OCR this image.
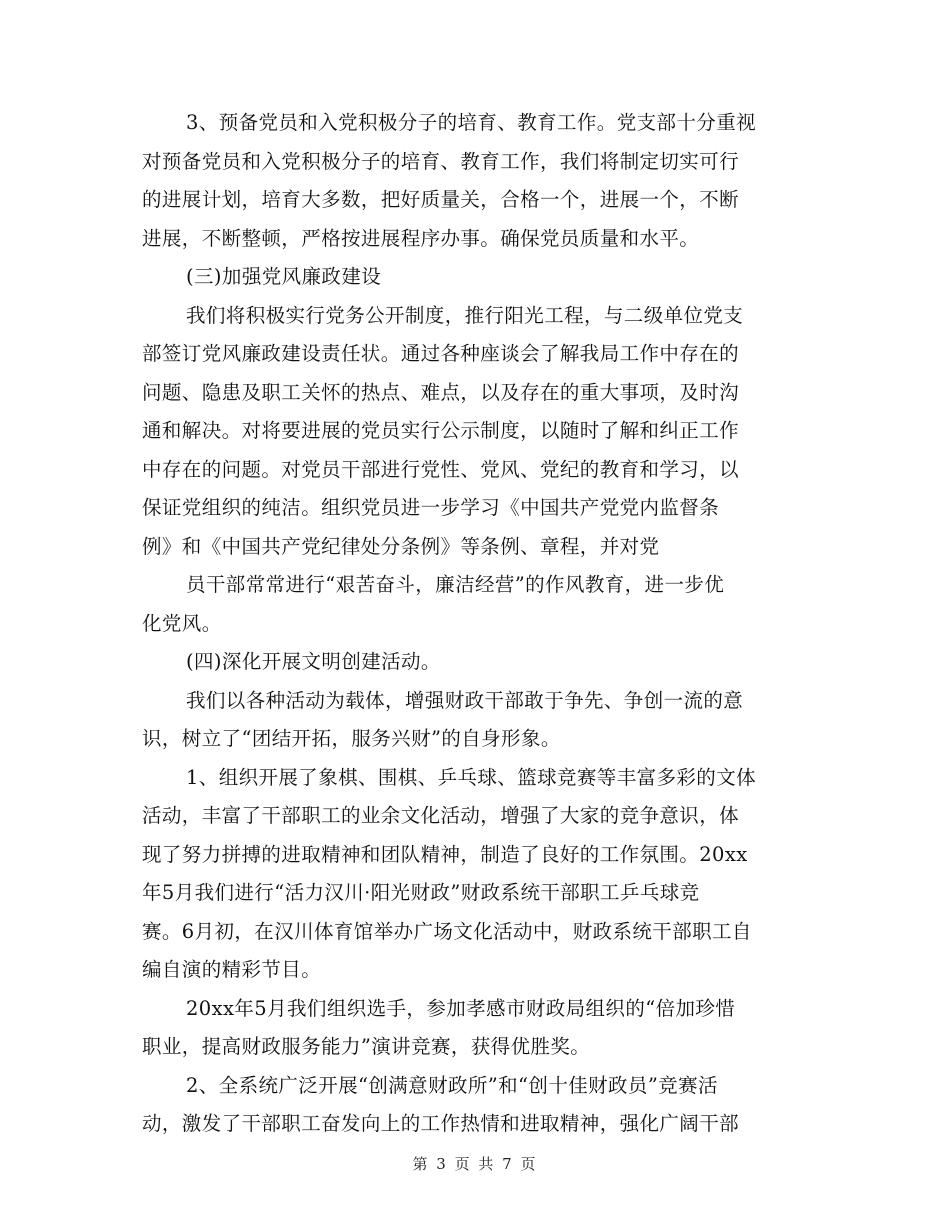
3、预备党员和入党积极分子的培育、教育工作。党支部十分重视
对预备党员和入党积极分子的培育、教育工作，我们将制定切实可行
的进展计划，培育大多数，把好质量关，合格一个，进展一个，不断
进展，不断整顿，严格按进展程序办事。确保党员质量和水平。
(三)加强党风廉政建设
我们将积极实行党务公开制度，推行阳光工程，与二级单位党支
部签订党风廉政建设责任状。通过各种座谈会了解我局工作中存在的
问题、隐患及职工关怀的热点、难点，以及存在的重大事项，及时沟
通和解决。对将要进展的党员实行公示制度，以随时了解和纠正工作
中存在的问题。对党员干部进行党性、党风、党纪的教育和学习，以
保证党组织的纯洁。组织党员进一步学习《中国共产党党内监督条
例》和《中国共产党纪律处分条例》等条例、章程，并对党
员干部常常进行“艰苦奋斗，廉洁经营”的作风教育，进一步优
化党风。
(四)深化开展文明创建活动。
我们以各种活动为载体，增强财政干部敢于争先、争创一流的意
识，树立了“团结开拓，服务兴财”的自身形象。
1、组织开展了象棋、围棋、乒乓球、篮球竞赛等丰富多彩的文体
活动，丰富了干部职工的业余文化活动，增强了大家的竞争意识，体
现了努力拼搏的进取精神和团队精神，制造了良好的工作氛围。20xx
年5月我们进行“活力汉川·阳光财政”财政系统干部职工乒乓球竞
赛。6月初，在汉川体育馆举办广场文化活动中，财政系统干部职工自
编自演的精彩节目。
20xx年5月我们组织选手，参加孝感市财政局组织的“倍加珍惜
职业，提高财政服务能力”演讲竞赛，获得优胜奖。
2、全系统广泛开展“创满意财政所”和“创十佳财政员”竞赛活
动，激发了干部职工奋发向上的工作热情和进取精神，强化广阔干部
第 3 页 共 7 页
